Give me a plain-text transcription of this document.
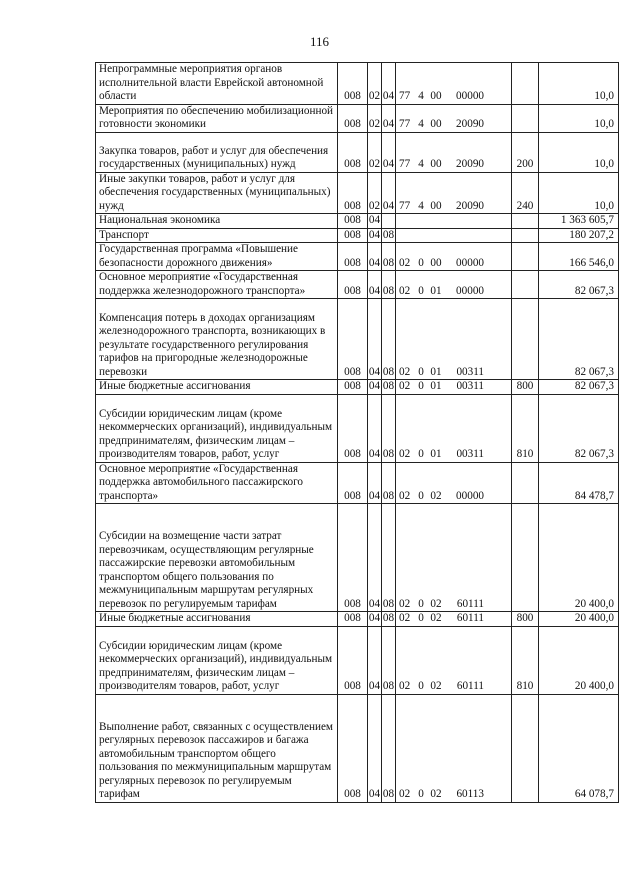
116
Непрограммные мероприятия органов исполнительной власти Еврейской автономной области	008	02	04	77 4 00 00000		10,0
Мероприятия по обеспечению мобилизационной готовности экономики	008	02	04	77 4 00 20090		10,0
Закупка товаров, работ и услуг для обеспечения государственных (муниципальных) нужд	008	02	04	77 4 00 20090	200	10,0
Иные закупки товаров, работ и услуг для обеспечения государственных (муниципальных) нужд	008	02	04	77 4 00 20090	240	10,0
Национальная экономика	008	04				1 363 605,7
Транспорт	008	04	08			180 207,2
Государственная программа «Повышение безопасности дорожного движения»	008	04	08	02 0 00 00000		166 546,0
Основное мероприятие «Государственная поддержка железнодорожного транспорта»	008	04	08	02 0 01 00000		82 067,3
Компенсация потерь в доходах организациям железнодорожного транспорта, возникающих в результате государственного регулирования тарифов на пригородные железнодорожные перевозки	008	04	08	02 0 01 00311		82 067,3
Иные бюджетные ассигнования	008	04	08	02 0 01 00311	800	82 067,3
Субсидии юридическим лицам (кроме некоммерческих организаций), индивидуальным предпринимателям, физическим лицам – производителям товаров, работ, услуг	008	04	08	02 0 01 00311	810	82 067,3
Основное мероприятие «Государственная поддержка автомобильного пассажирского транспорта»	008	04	08	02 0 02 00000		84 478,7
Субсидии на возмещение части затрат перевозчикам, осуществляющим регулярные пассажирские перевозки автомобильным транспортом общего пользования по межмуниципальным маршрутам регулярных перевозок по регулируемым тарифам	008	04	08	02 0 02 60111		20 400,0
Иные бюджетные ассигнования	008	04	08	02 0 02 60111	800	20 400,0
Субсидии юридическим лицам (кроме некоммерческих организаций), индивидуальным предпринимателям, физическим лицам – производителям товаров, работ, услуг	008	04	08	02 0 02 60111	810	20 400,0
Выполнение работ, связанных с осуществлением регулярных перевозок пассажиров и багажа автомобильным транспортом общего пользования по межмуниципальным маршрутам регулярных перевозок по регулируемым тарифам	008	04	08	02 0 02 60113		64 078,7
